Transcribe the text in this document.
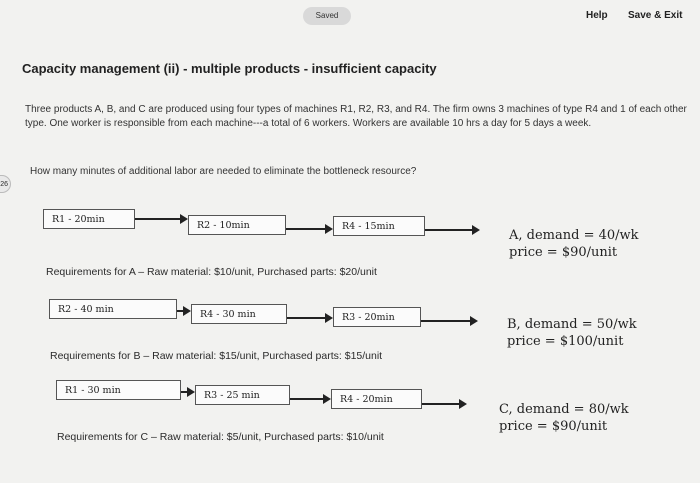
Saved	Help Save & Exit
26
Capacity management (ii) - multiple products - insufficient capacity
Three products A, B, and C are produced using four types of machines R1, R2, R3, and R4. The firm owns 3 machines of type R4 and 1 of each other type. One worker is responsible from each machine---a total of 6 workers. Workers are available 10 hrs a day for 5 days a week.
How many minutes of additional labor are needed to eliminate the bottleneck resource?
R1 - 20min
R2 - 10min	R4 - 15min
Requirements for A – Raw material: $10/unit, Purchased parts: $20/unit
A, demand = 40/wk
price = $90/unit
R2 - 40 min	R4 - 30 min	R3 - 20min
Requirements for B – Raw material: $15/unit, Purchased parts: $15/unit
B, demand = 50/wk
price = $100/unit
R1 - 30 min	R3 - 25 min	R4 - 20min
Requirements for C – Raw material: $5/unit, Purchased parts: $10/unit
C, demand = 80/wk
price = $90/unit
